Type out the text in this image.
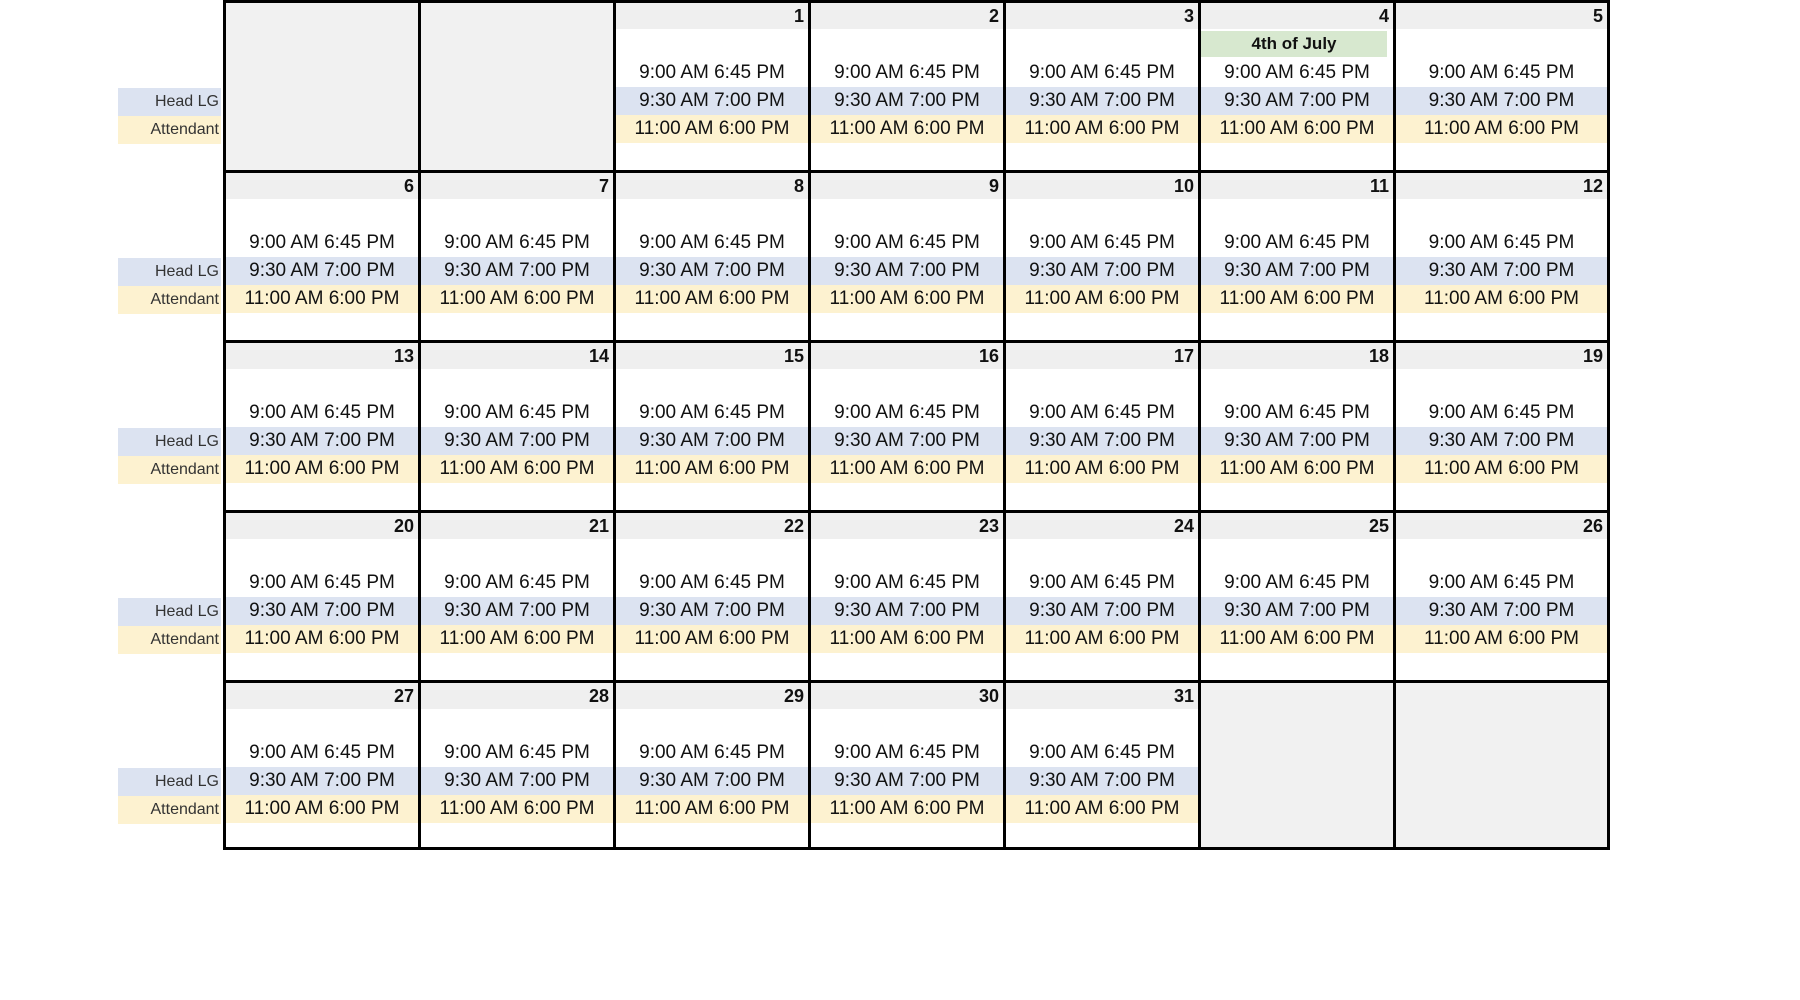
Head LG
Attendant
1
9:00 AM 6:45 PM
9:30 AM 7:00 PM
11:00 AM 6:00 PM
2
9:00 AM 6:45 PM
9:30 AM 7:00 PM
11:00 AM 6:00 PM
3
9:00 AM 6:45 PM
9:30 AM 7:00 PM
11:00 AM 6:00 PM
4
4th of July
9:00 AM 6:45 PM
9:30 AM 7:00 PM
11:00 AM 6:00 PM
5
9:00 AM 6:45 PM
9:30 AM 7:00 PM
11:00 AM 6:00 PM
Head LG
Attendant
6
9:00 AM 6:45 PM
9:30 AM 7:00 PM
11:00 AM 6:00 PM
7
9:00 AM 6:45 PM
9:30 AM 7:00 PM
11:00 AM 6:00 PM
8
9:00 AM 6:45 PM
9:30 AM 7:00 PM
11:00 AM 6:00 PM
9
9:00 AM 6:45 PM
9:30 AM 7:00 PM
11:00 AM 6:00 PM
10
9:00 AM 6:45 PM
9:30 AM 7:00 PM
11:00 AM 6:00 PM
11
9:00 AM 6:45 PM
9:30 AM 7:00 PM
11:00 AM 6:00 PM
12
9:00 AM 6:45 PM
9:30 AM 7:00 PM
11:00 AM 6:00 PM
Head LG
Attendant
13
9:00 AM 6:45 PM
9:30 AM 7:00 PM
11:00 AM 6:00 PM
14
9:00 AM 6:45 PM
9:30 AM 7:00 PM
11:00 AM 6:00 PM
15
9:00 AM 6:45 PM
9:30 AM 7:00 PM
11:00 AM 6:00 PM
16
9:00 AM 6:45 PM
9:30 AM 7:00 PM
11:00 AM 6:00 PM
17
9:00 AM 6:45 PM
9:30 AM 7:00 PM
11:00 AM 6:00 PM
18
9:00 AM 6:45 PM
9:30 AM 7:00 PM
11:00 AM 6:00 PM
19
9:00 AM 6:45 PM
9:30 AM 7:00 PM
11:00 AM 6:00 PM
Head LG
Attendant
20
9:00 AM 6:45 PM
9:30 AM 7:00 PM
11:00 AM 6:00 PM
21
9:00 AM 6:45 PM
9:30 AM 7:00 PM
11:00 AM 6:00 PM
22
9:00 AM 6:45 PM
9:30 AM 7:00 PM
11:00 AM 6:00 PM
23
9:00 AM 6:45 PM
9:30 AM 7:00 PM
11:00 AM 6:00 PM
24
9:00 AM 6:45 PM
9:30 AM 7:00 PM
11:00 AM 6:00 PM
25
9:00 AM 6:45 PM
9:30 AM 7:00 PM
11:00 AM 6:00 PM
26
9:00 AM 6:45 PM
9:30 AM 7:00 PM
11:00 AM 6:00 PM
Head LG
Attendant
27
9:00 AM 6:45 PM
9:30 AM 7:00 PM
11:00 AM 6:00 PM
28
9:00 AM 6:45 PM
9:30 AM 7:00 PM
11:00 AM 6:00 PM
29
9:00 AM 6:45 PM
9:30 AM 7:00 PM
11:00 AM 6:00 PM
30
9:00 AM 6:45 PM
9:30 AM 7:00 PM
11:00 AM 6:00 PM
31
9:00 AM 6:45 PM
9:30 AM 7:00 PM
11:00 AM 6:00 PM
